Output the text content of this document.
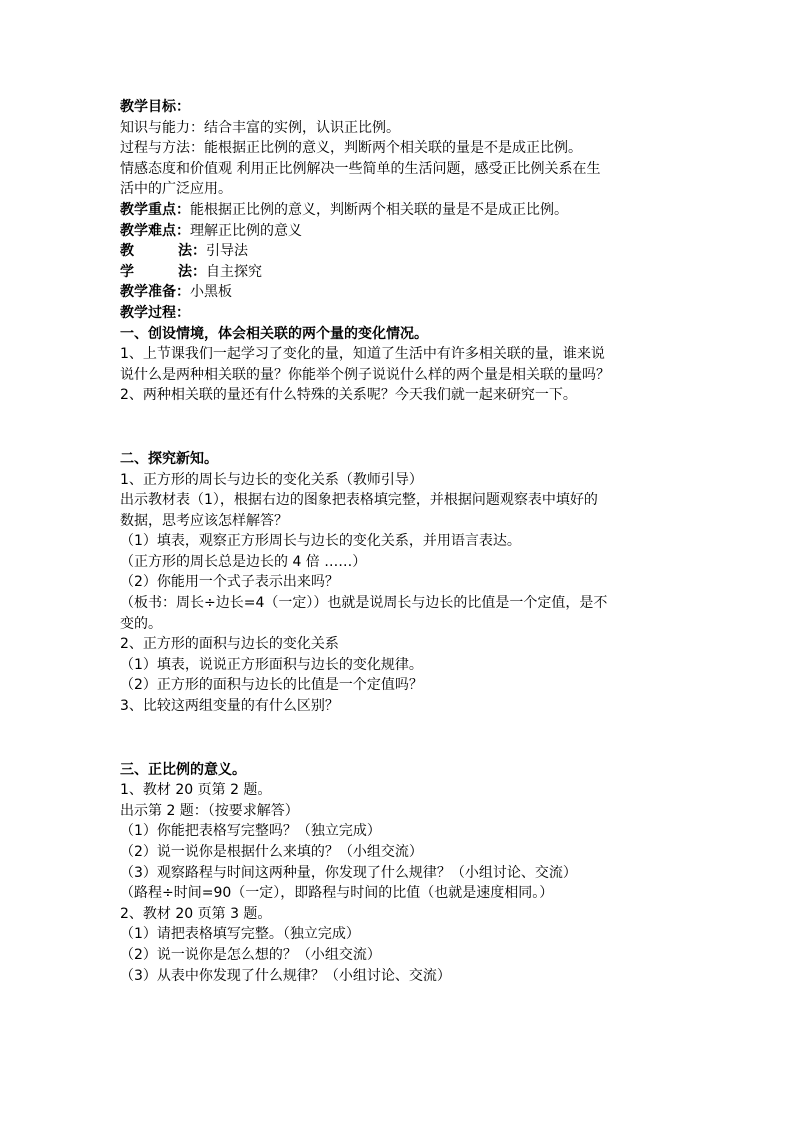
教学目标：
知识与能力：结合丰富的实例，认识正比例。
过程与方法：能根据正比例的意义，判断两个相关联的量是不是成正比例。
情感态度和价值观 利用正比例解决一些简单的生活问题，感受正比例关系在生
活中的广泛应用。
教学重点：能根据正比例的意义，判断两个相关联的量是不是成正比例。
教学难点：理解正比例的意义
教	法：引导法
学	法：自主探究
教学准备：小黑板
教学过程：
一、创设情境，体会相关联的两个量的变化情况。
1、上节课我们一起学习了变化的量，知道了生活中有许多相关联的量，谁来说
说什么是两种相关联的量？你能举个例子说说什么样的两个量是相关联的量吗？
2、两种相关联的量还有什么特殊的关系呢？今天我们就一起来研究一下。
二、探究新知。
1、正方形的周长与边长的变化关系（教师引导）
出示教材表（1），根据右边的图象把表格填完整，并根据问题观察表中填好的
数据，思考应该怎样解答？
（1）填表，观察正方形周长与边长的变化关系，并用语言表达。
（正方形的周长总是边长的 4 倍 ……）
（2）你能用一个式子表示出来吗？
（板书：周长÷边长=4（一定））也就是说周长与边长的比值是一个定值，是不
变的。
2、正方形的面积与边长的变化关系
（1）填表，说说正方形面积与边长的变化规律。
（2）正方形的面积与边长的比值是一个定值吗？
3、比较这两组变量的有什么区别？
三、正比例的意义。
1、教材 20 页第 2 题。
出示第 2 题：（按要求解答）
（1）你能把表格写完整吗？（独立完成）
（2）说一说你是根据什么来填的？（小组交流）
（3）观察路程与时间这两种量，你发现了什么规律？（小组讨论、交流）
（路程÷时间=90（一定），即路程与时间的比值（也就是速度相同。）
2、教材 20 页第 3 题。
（1）请把表格填写完整。（独立完成）
（2）说一说你是怎么想的？（小组交流）
（3）从表中你发现了什么规律？（小组讨论、交流）
